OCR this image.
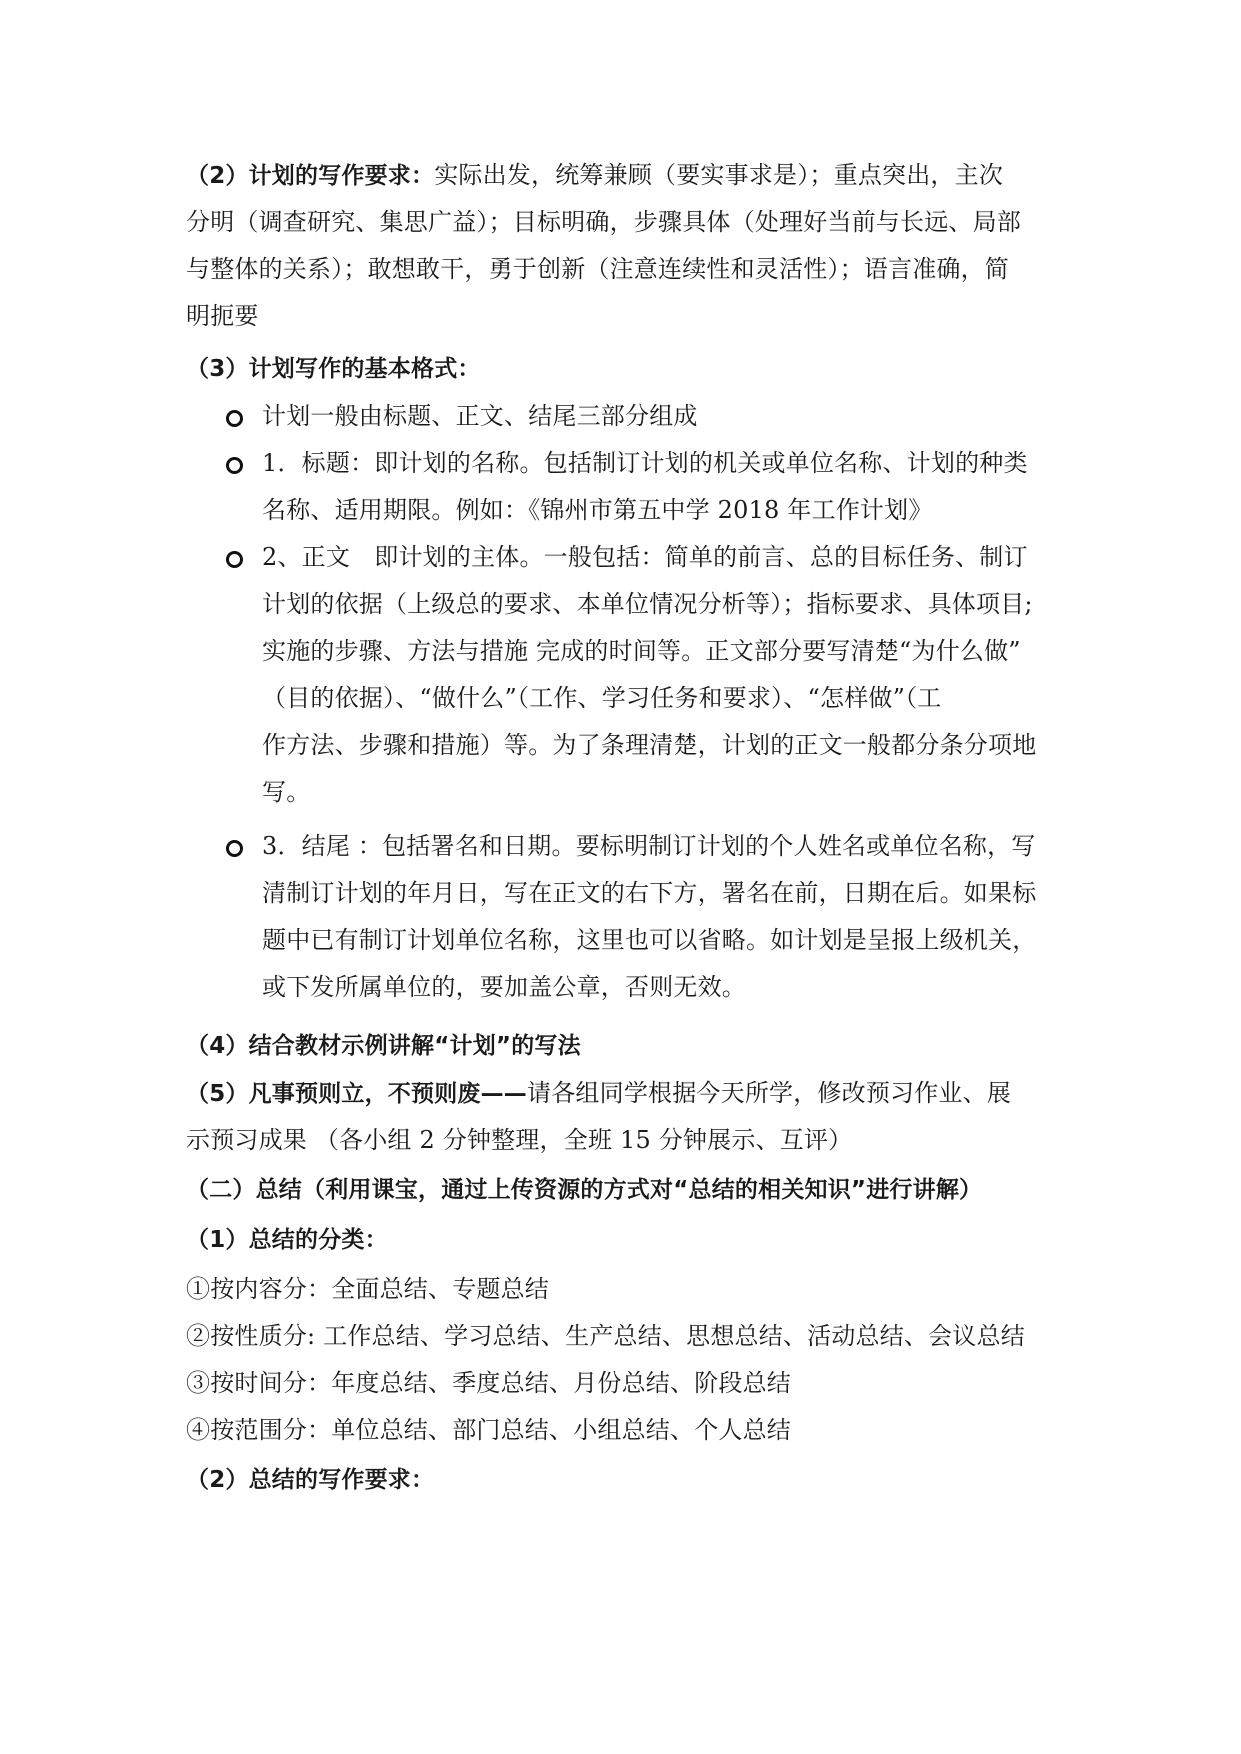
（2）计划的写作要求：实际出发，统筹兼顾（要实事求是）；重点突出，主次
分明（调查研究、集思广益）；目标明确，步骤具体（处理好当前与长远、局部
与整体的关系）；敢想敢干，勇于创新（注意连续性和灵活性）；语言准确，简
明扼要
（3）计划写作的基本格式：
计划一般由标题、正文、结尾三部分组成
1．标题：即计划的名称。包括制订计划的机关或单位名称、计划的种类
名称、适用期限。例如：《锦州市第五中学 2018 年工作计划》
2、正文　即计划的主体。一般包括：简单的前言、总的目标任务、制订
计划的依据（上级总的要求、本单位情况分析等）；指标要求、具体项目;
实施的步骤、方法与措施 完成的时间等。正文部分要写清楚“为什么做”
（目的依据）、“做什么”（工作、学习任务和要求）、“怎样做”（工
作方法、步骤和措施）等。为了条理清楚，计划的正文一般都分条分项地
写。
3．结尾 ：包括署名和日期。要标明制订计划的个人姓名或单位名称，写
清制订计划的年月日，写在正文的右下方，署名在前，日期在后。如果标
题中已有制订计划单位名称，这里也可以省略。如计划是呈报上级机关，
或下发所属单位的，要加盖公章，否则无效。
（4）结合教材示例讲解“计划”的写法
（5）凡事预则立，不预则废——请各组同学根据今天所学，修改预习作业、展
示预习成果 （各小组 2 分钟整理，全班 15 分钟展示、互评）
（二）总结（利用课宝，通过上传资源的方式对“总结的相关知识”进行讲解）
（1）总结的分类：
①按内容分：全面总结、专题总结
②按性质分: 工作总结、学习总结、生产总结、思想总结、活动总结、会议总结
③按时间分：年度总结、季度总结、月份总结、阶段总结
④按范围分：单位总结、部门总结、小组总结、个人总结
（2）总结的写作要求：
